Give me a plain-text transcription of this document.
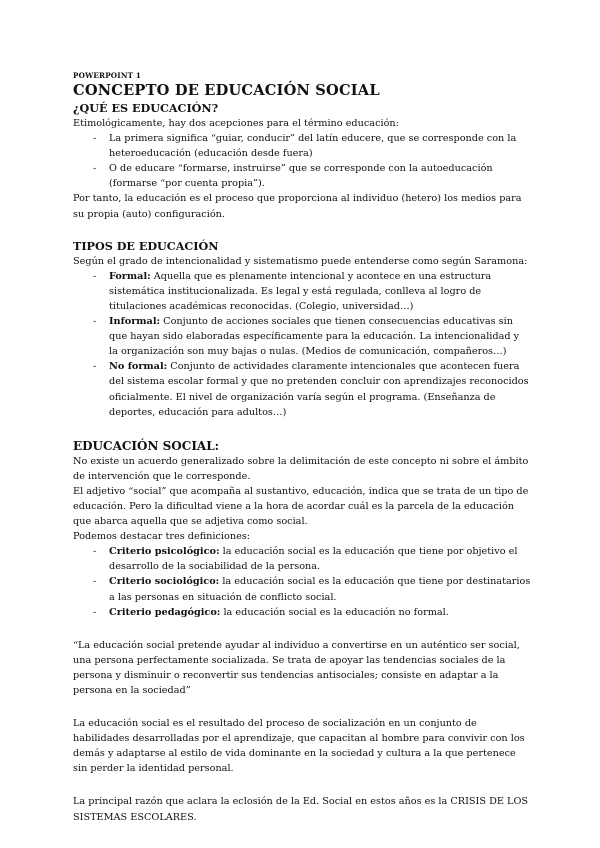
POWERPOINT 1
CONCEPTO DE EDUCACIÓN SOCIAL
¿QUÉ ES EDUCACIÓN?

Etimológicamente, hay dos acepciones para el término educación:

- La primera significa “guiar, conducir” del latín educere, que se corresponde con la heteroeducación (educación desde fuera)
- O de educare “formarse, instruirse” que se corresponde con la autoeducación (formarse “por cuenta propia”).

Por tanto, la educación es el proceso que proporciona al individuo (hetero) los medios para su propia (auto) configuración.

TIPOS DE EDUCACIÓN

Según el grado de intencionalidad y sistematismo puede entenderse como según Saramona:

- Formal: Aquella que es plenamente intencional y acontece en una estructura sistemática institucionalizada. Es legal y está regulada, conlleva al logro de titulaciones académicas reconocidas. (Colegio, universidad…)
- Informal: Conjunto de acciones sociales que tienen consecuencias educativas sin que hayan sido elaboradas específicamente para la educación. La intencionalidad y la organización son muy bajas o nulas. (Medios de comunicación, compañeros…)
- No formal: Conjunto de actividades claramente intencionales que acontecen fuera del sistema escolar formal y que no pretenden concluir con aprendizajes reconocidos oficialmente. El nivel de organización varía según el programa. (Enseñanza de deportes, educación para adultos…)
EDUCACIÓN SOCIAL:

No existe un acuerdo generalizado sobre la delimitación de este concepto ni sobre el ámbito de intervención que le corresponde.

El adjetivo “social” que acompaña al sustantivo, educación, indica que se trata de un tipo de educación. Pero la dificultad viene a la hora de acordar cuál es la parcela de la educación que abarca aquella que se adjetiva como social.

Podemos destacar tres definiciones:

- Criterio psicológico: la educación social es la educación que tiene por objetivo el desarrollo de la sociabilidad de la persona.
- Criterio sociológico: la educación social es la educación que tiene por destinatarios a las personas en situación de conflicto social.
- Criterio pedagógico: la educación social es la educación no formal.

“La educación social pretende ayudar al individuo a convertirse en un auténtico ser social, una persona perfectamente socializada. Se trata de apoyar las tendencias sociales de la persona y disminuir o reconvertir sus tendencias antisociales; consiste en adaptar a la persona en la sociedad”

La educación social es el resultado del proceso de socialización en un conjunto de habilidades desarrolladas por el aprendizaje, que capacitan al hombre para convivir con los demás y adaptarse al estilo de vida dominante en la sociedad y cultura a la que pertenece sin perder la identidad personal.

La principal razón que aclara la eclosión de la Ed. Social en estos años es la CRISIS DE LOS SISTEMAS ESCOLARES.
